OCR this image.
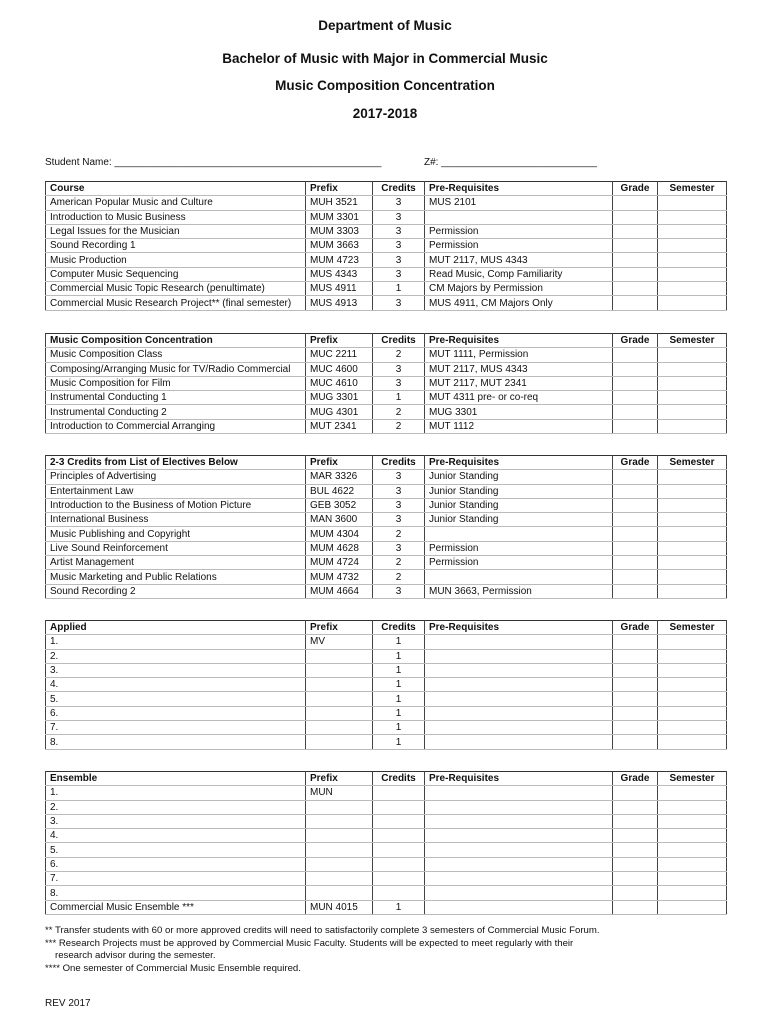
Department of Music
Bachelor of Music with Major in Commercial Music
Music Composition Concentration
2017-2018
Student Name: ________________________________________________	Z#: ____________________________
Course	Prefix	Credits	Pre-Requisites	Grade	Semester
American Popular Music and Culture	MUH 3521	3	MUS 2101		
Introduction to Music Business	MUM 3301	3			
Legal Issues for the Musician	MUM 3303	3	Permission		
Sound Recording 1	MUM 3663	3	Permission		
Music Production	MUM 4723	3	MUT 2117, MUS 4343		
Computer Music Sequencing	MUS 4343	3	Read Music, Comp Familiarity		
Commercial Music Topic Research (penultimate)	MUS 4911	1	CM Majors by Permission		
Commercial Music Research Project** (final semester)	MUS 4913	3	MUS 4911, CM Majors Only		
Music Composition Concentration	Prefix	Credits	Pre-Requisites	Grade	Semester
Music Composition Class	MUC 2211	2	MUT 1111, Permission		
Composing/Arranging Music for TV/Radio Commercial	MUC 4600	3	MUT 2117, MUS 4343		
Music Composition for Film	MUC 4610	3	MUT 2117, MUT 2341		
Instrumental Conducting 1	MUG 3301	1	MUT 4311 pre- or co-req		
Instrumental Conducting 2	MUG 4301	2	MUG 3301		
Introduction to Commercial Arranging	MUT 2341	2	MUT 1112		
2-3 Credits from List of Electives Below	Prefix	Credits	Pre-Requisites	Grade	Semester
Principles of Advertising	MAR 3326	3	Junior Standing		
Entertainment Law	BUL 4622	3	Junior Standing		
Introduction to the Business of Motion Picture	GEB 3052	3	Junior Standing		
International Business	MAN 3600	3	Junior Standing		
Music Publishing and Copyright	MUM 4304	2			
Live Sound Reinforcement	MUM 4628	3	Permission		
Artist Management	MUM 4724	2	Permission		
Music Marketing and Public Relations	MUM 4732	2			
Sound Recording 2	MUM 4664	3	MUN 3663, Permission		
Applied	Prefix	Credits	Pre-Requisites	Grade	Semester
1.	MV	1			
2.		1			
3.		1			
4.		1			
5.		1			
6.		1			
7.		1			
8.		1			
Ensemble	Prefix	Credits	Pre-Requisites	Grade	Semester
1.	MUN				
2.					
3.					
4.					
5.					
6.					
7.					
8.					
Commercial Music Ensemble ***	MUN 4015	1			
** Transfer students with 60 or more approved credits will need to satisfactorily complete 3 semesters of Commercial Music Forum.
*** Research Projects must be approved by Commercial Music Faculty. Students will be expected to meet regularly with their
research advisor during the semester.
**** One semester of Commercial Music Ensemble required.
REV 2017
